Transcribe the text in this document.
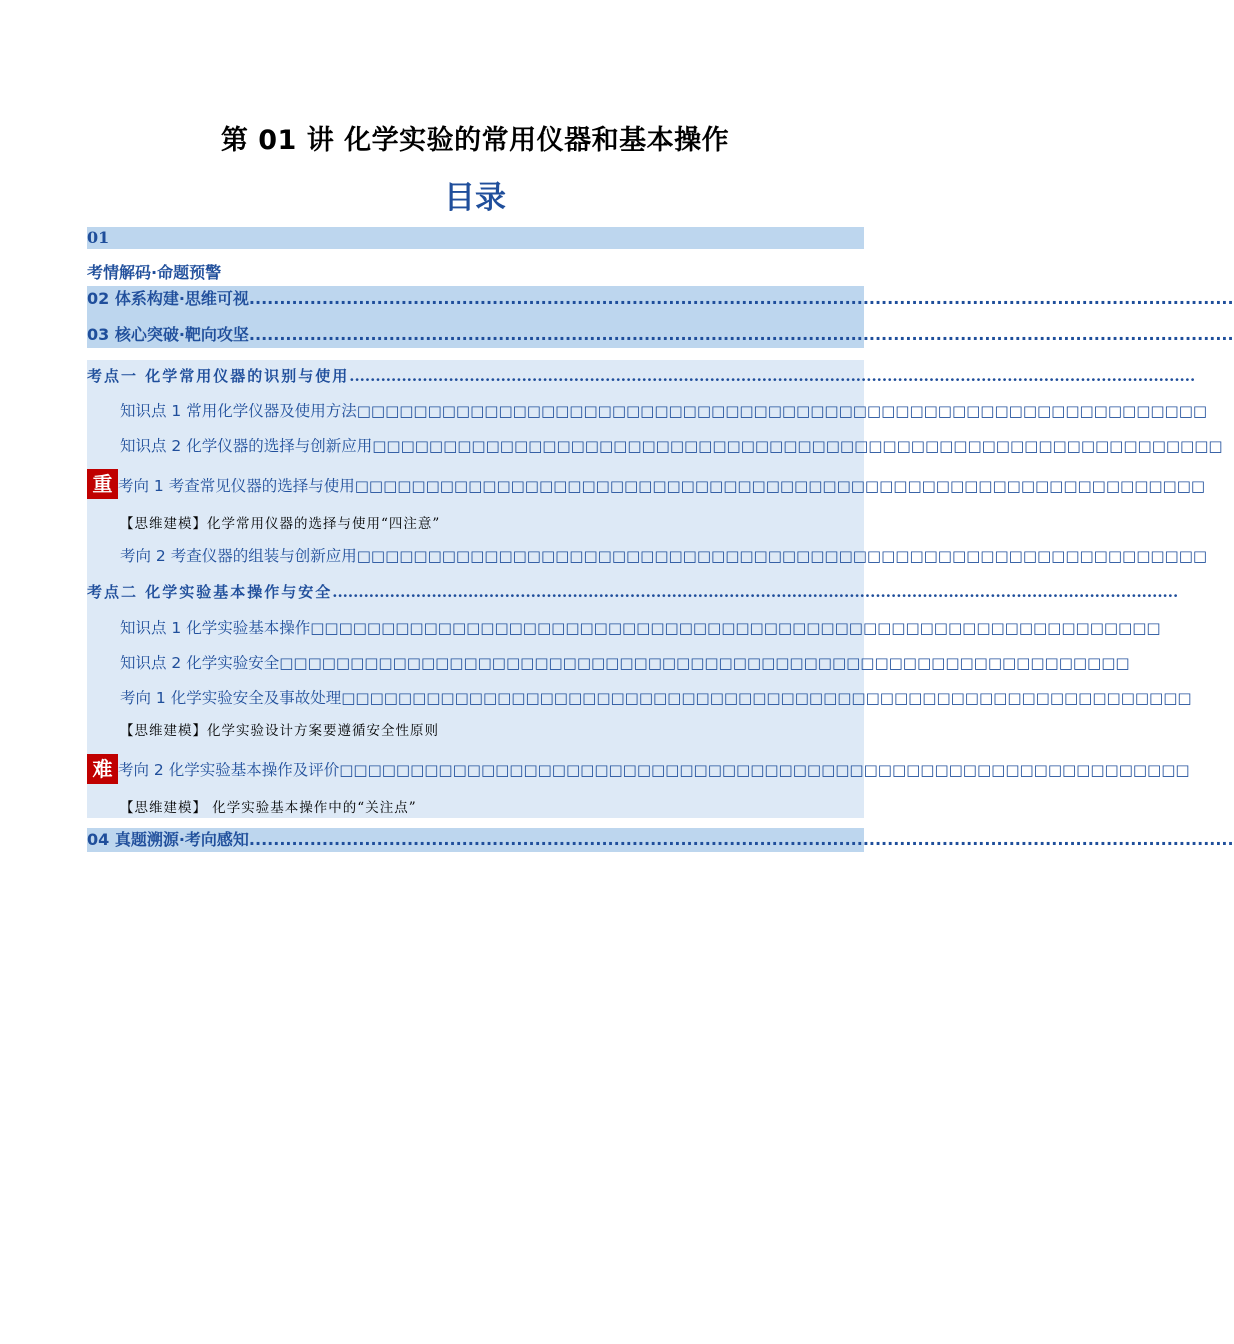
第 01 讲 化学实验的常用仪器和基本操作
目录
01
考情解码·命题预警
02 体系构建·思维可视..................................................................................................................................................................
03 核心突破·靶向攻坚..................................................................................................................................................................
考点一 化学常用仪器的识别与使用..................................................................................................................................................................
知识点 1 常用化学仪器及使用方法□□□□□□□□□□□□□□□□□□□□□□□□□□□□□□□□□□□□□□□□□□□□□□□□□□□□□□□□□□□□
知识点 2 化学仪器的选择与创新应用□□□□□□□□□□□□□□□□□□□□□□□□□□□□□□□□□□□□□□□□□□□□□□□□□□□□□□□□□□□□
重 考向 1 考查常见仪器的选择与使用□□□□□□□□□□□□□□□□□□□□□□□□□□□□□□□□□□□□□□□□□□□□□□□□□□□□□□□□□□□□
【思维建模】化学常用仪器的选择与使用“四注意”
考向 2 考查仪器的组装与创新应用□□□□□□□□□□□□□□□□□□□□□□□□□□□□□□□□□□□□□□□□□□□□□□□□□□□□□□□□□□□□
考点二 化学实验基本操作与安全..................................................................................................................................................................
知识点 1 化学实验基本操作□□□□□□□□□□□□□□□□□□□□□□□□□□□□□□□□□□□□□□□□□□□□□□□□□□□□□□□□□□□□
知识点 2 化学实验安全□□□□□□□□□□□□□□□□□□□□□□□□□□□□□□□□□□□□□□□□□□□□□□□□□□□□□□□□□□□□
考向 1 化学实验安全及事故处理□□□□□□□□□□□□□□□□□□□□□□□□□□□□□□□□□□□□□□□□□□□□□□□□□□□□□□□□□□□□
【思维建模】化学实验设计方案要遵循安全性原则
难 考向 2 化学实验基本操作及评价□□□□□□□□□□□□□□□□□□□□□□□□□□□□□□□□□□□□□□□□□□□□□□□□□□□□□□□□□□□□
【思维建模】 化学实验基本操作中的“关注点”
04 真题溯源·考向感知..................................................................................................................................................................
